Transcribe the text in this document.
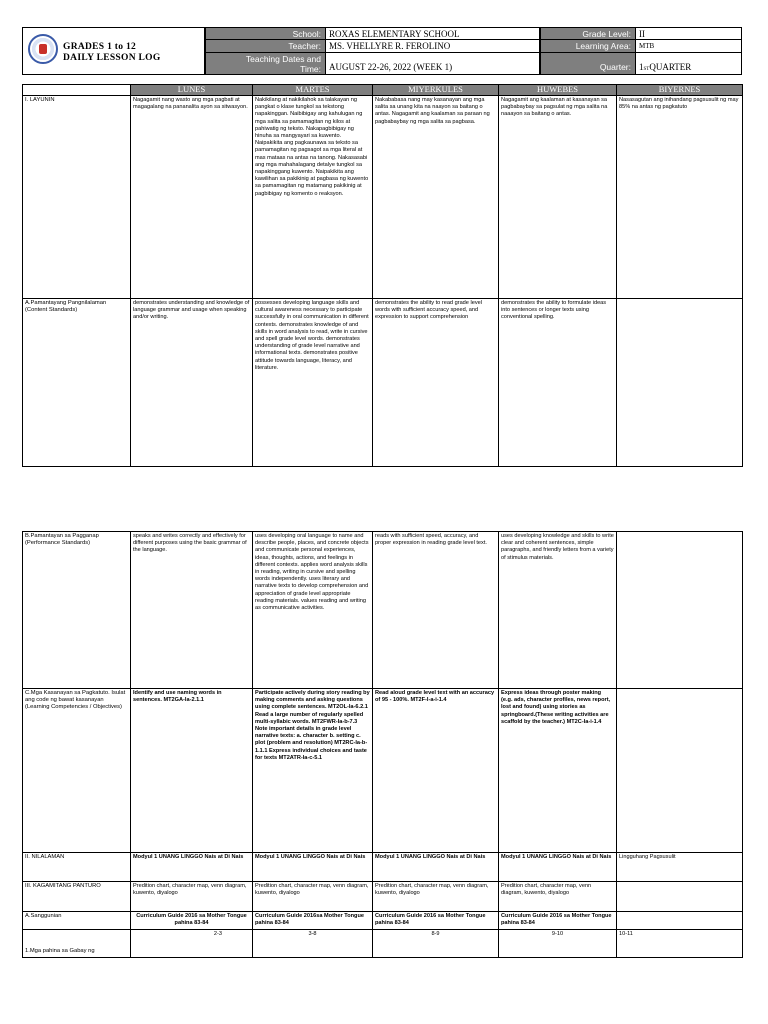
GRADES 1 to 12
DAILY LESSON LOG
School: ROXAS ELEMENTARY SCHOOL	Grade Level: II
Teacher: MS. VHELLYRE R. FEROLINO	Learning Area:	MTB
Teaching Dates and
Time: AUGUST 22-26, 2022 (WEEK 1)	Quarter: $1_{ST}$ QUARTER
	LUNES	MARTES	MIYERKULES	HUWEBES	BIYERNES
I. LAYUNIN	Nagagamit nang wasto ang mga pagbati at magagalang na pananalita ayon sa sitwasyon.	Nakikilang at nakikilahok sa talakayan ng pangkat o klase tungkol sa tekstong napakinggan. Naibibigay ang kahulugan ng mga salita sa pamamagitan ng kilos at pahiwatig ng teksto. Nakapagbibigay ng hinuha sa mangyayari sa kuwento. Naipakikita ang pagkaunawa sa teksto sa pamamagitan ng pagsagot sa mga literal at mas mataas na antas na tanong. Nakasasabi ang mga mahahalagang detalye tungkol sa napakinggang kuwento. Naipakikita ang kawilihan sa pakikinig at pagbasa ng kuwento sa pamamagitan ng matamang pakikinig at pagbibigay ng komento o reaksyon.	Nakababasa nang may kasanayan ang mga salita sa unang kita na naayon sa baitang o antas. Nagagamit ang kaalaman sa paraan ng pagbabaybay ng mga salita sa pagbasa.	Nagagamit ang kaalaman at kasanayan sa pagbabaybay sa pagsulat ng mga salita na naaayon sa baitang o antas.	Nasasagutan ang inihandang pagsusulit ng may 85% na antas ng pagkatuto
A.Pamantayang Pangnilalaman (Content Standards)	demonstrates understanding and knowledge of language grammar and usage when speaking and/or writing.	possesses developing language skills and cultural awareness necessary to participate successfully in oral communication in different contexts. demonstrates knowledge of and skills in word analysis to read, write in cursive and spell grade level words. demonstrates understanding of grade level narrative and informational texts. demonstrates positive attitude towards language, literacy, and literature.	demonstrates the ability to read grade level words with sufficient accuracy speed, and expression to support comprehension	demonstrates the ability to formulate ideas into sentences or longer texts using conventional spelling.	
B.Pamantayan sa Pagganap (Performance Standards)	speaks and writes correctly and effectively for different purposes using the basic grammar of the language.	uses developing oral language to name and describe people, places, and concrete objects and communicate personal experiences, ideas, thoughts, actions, and feelings in different contexts. applies word analysis skills in reading, writing in cursive and spelling words independently. uses literary and narrative texts to develop comprehension and appreciation of grade level appropriate reading materials. values reading and writing as communicative activities.	reads with sufficient speed, accuracy, and proper expression in reading grade level text.	uses developing knowledge and skills to write clear and coherent sentences, simple paragraphs, and friendly letters from a variety of stimulus materials.	
C.Mga Kasanayan sa Pagkatuto. Isulat ang code ng bawat kasanayan (Learning Competencies / Objectives)	Identify and use naming words in sentences. MT2GA-Ia-2.1.1	Participate actively during story reading by making comments and asking questions using complete sentences. MT2OL-Ia-6.2.1 Read a large number of regularly spelled multi-syllabic words. MT2FWR-Ia-b-7.3 Note important details in grade level narrative texts: a. character b. setting c. plot (problem and resolution) MT2RC-Ia-b-1.1.1 Express individual choices and taste for texts MT2ATR-Ia-c-5.1	Read aloud grade level text with an accuracy of 95 - 100%. MT2F-I-a-i-1.4	Express ideas through poster making (e.g. ads, character profiles, news report, lost and found) using stories as springboard.(These writing activities are scaffold by the teacher.) MT2C-Ia-i-1.4	
II. NILALAMAN	Modyul 1 UNANG LINGGO Nais at Di Nais	Modyul 1 UNANG LINGGO Nais at Di Nais	Modyul 1 UNANG LINGGO Nais at Di Nais	Modyul 1 UNANG LINGGO Nais at Di Nais	Lingguhang Pagsusulit
III. KAGAMITANG PANTURO	Predition chart, character map, venn diagram, kuwento, diyalogo	Predition chart, character map, venn diagram, kuwento, diyalogo	Predition chart, character map, venn diagram, kuwento, diyalogo	Predition chart, character map, venn diagram, kuwento, diyalogo	
A.Sanggunian	Curriculum Guide 2016 sa Mother Tongue pahina 83-84	Curriculum Guide 2016sa Mother Tongue pahina 83-84	Curriculum Guide 2016 sa Mother Tongue pahina 83-84	Curriculum Guide 2016 sa Mother Tongue pahina 83-84	
1.Mga pahina sa Gabay ng	2-3	3-8	8-9	9-10	10-11
